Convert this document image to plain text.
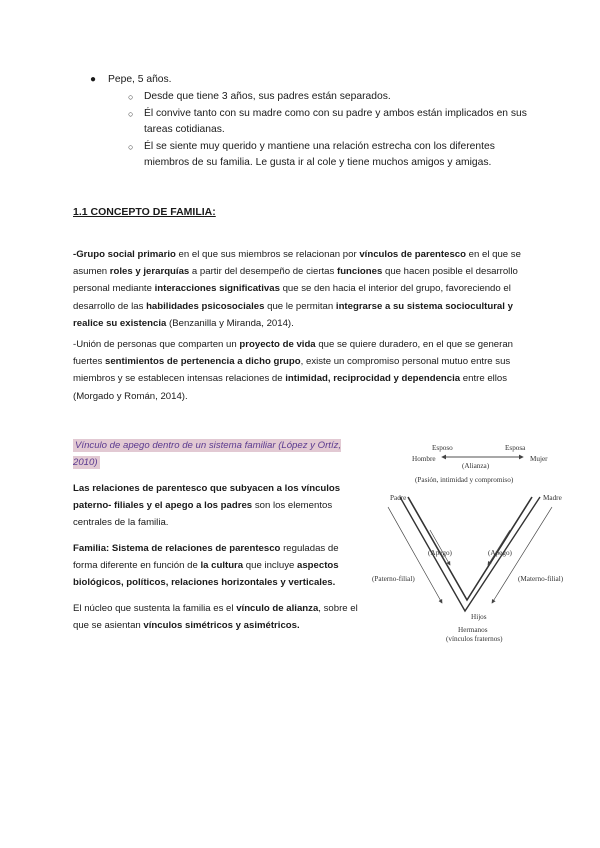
● Pepe, 5 años.
○ Desde que tiene 3 años, sus padres están separados.
○ Él convive tanto con su madre como con su padre y ambos están implicados en sus tareas cotidianas.
○ Él se siente muy querido y mantiene una relación estrecha con los diferentes miembros de su familia. Le gusta ir al cole y tiene muchos amigos y amigas.
1.1 CONCEPTO DE FAMILIA:
-Grupo social primario en el que sus miembros se relacionan por vínculos de parentesco en el que se asumen roles y jerarquías a partir del desempeño de ciertas funciones que hacen posible el desarrollo personal mediante interacciones significativas que se den hacia el interior del grupo, favoreciendo el desarrollo de las habilidades psicosociales que le permitan integrarse a su sistema sociocultural y realice su existencia (Benzanilla y Miranda, 2014).
-Unión de personas que comparten un proyecto de vida que se quiere duradero, en el que se generan fuertes sentimientos de pertenencia a dicho grupo, existe un compromiso personal mutuo entre sus miembros y se establecen intensas relaciones de intimidad, reciprocidad y dependencia entre ellos (Morgado y Román, 2014).
Vínculo de apego dentro de un sistema familiar (López y Ortíz, 2010)

Las relaciones de parentesco que subyacen a los vínculos paterno- filiales y el apego a los padres son los elementos centrales de la familia.

Familia: Sistema de relaciones de parentesco reguladas de forma diferente en función de la cultura que incluye aspectos biológicos, políticos, relaciones horizontales y verticales.

El núcleo que sustenta la familia es el vínculo de alianza, sobre el que se asientan vínculos simétricos y asimétricos.

Esposo	Esposa
Hombre	Mujer
(Alianza)
(Pasión, intimidad y compromiso)
Padre	Madre
(Apego)	(Apego)
(Paterno-filial)	(Materno-filial)
Hijos
Hermanos
(vínculos fraternos)
